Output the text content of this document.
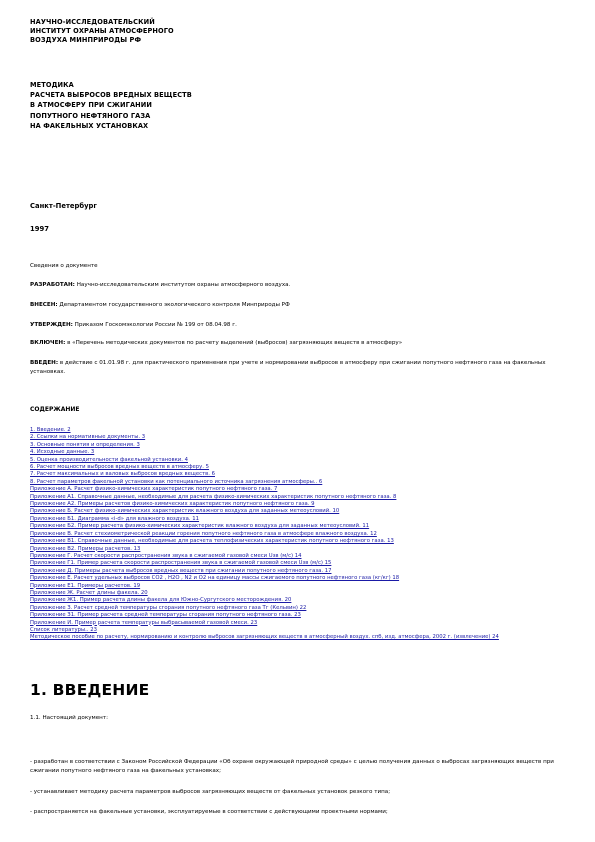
НАУЧНО-ИССЛЕДОВАТЕЛЬСКИЙ
ИНСТИТУТ ОХРАНЫ АТМОСФЕРНОГО
ВОЗДУХА МИНПРИРОДЫ РФ
МЕТОДИКА
РАСЧЕТА ВЫБРОСОВ ВРЕДНЫХ ВЕЩЕСТВ
В АТМОСФЕРУ ПРИ СЖИГАНИИ
ПОПУТНОГО НЕФТЯНОГО ГАЗА
НА ФАКЕЛЬНЫХ УСТАНОВКАХ
Санкт-Петербург
1997
Сведения о документе
РАЗРАБОТАН: Научно-исследовательским институтом охраны атмосферного воздуха.
ВНЕСЕН: Департаментом государственного экологического контроля Минприроды РФ
УТВЕРЖДЕН: Приказом Госкомэкологии России № 199 от 08.04.98 г.
ВКЛЮЧЕН: в «Перечень методических документов по расчету выделений (выбросов) загрязняющих веществ в атмосферу»
ВВЕДЕН: в действие с 01.01.98 г. для практического применения при учете и нормировании выбросов в атмосферу при сжигании попутного нефтяного газа на факельных установках.
СОДЕРЖАНИЕ
1. Введение. 2
2. Ссылки на нормативные документы. 3
3. Основные понятия и определения. 3
4. Исходные данные. 3
5. Оценка производительности факельной установки. 4
6. Расчет мощности выбросов вредных веществ в атмосферу. 5
7. Расчет максимальных и валовых выбросов вредных веществ. 6
8. Расчет параметров факельной установки как потенциального источника загрязнения атмосферы.. 6
Приложение А. Расчет физико-химических характеристик попутного нефтяного газа. 7
Приложение А1. Справочные данные, необходимые для расчета физико-химических характеристик попутного нефтяного газа. 8
Приложение А2. Примеры расчетов физико-химических характеристик попутного нефтяного газа. 9
Приложение Б. Расчет физико-химических характеристик влажного воздуха для заданных метеоусловий. 10
Приложение Б1. Диаграмма «i-d» для влажного воздуха. 11
Приложение Б2. Пример расчета физико-химических характеристик влажного воздуха для заданных метеоусловий. 11
Приложение В. Расчет стехиометрической реакции горения попутного нефтяного газа в атмосфере влажного воздуха. 12
Приложение В1. Справочные данные, необходимые для расчета теплофизических характеристик попутного нефтяного газа. 13
Приложение В2. Примеры расчетов. 13
Приложение Г. Расчет скорости распространения звука в сжигаемой газовой смеси Uзв (м/с) 14
Приложение Г1. Пример расчета скорости распространения звука в сжигаемой газовой смеси Uзв (м/с) 15
Приложение Д. Примеры расчета выбросов вредных веществ при сжигании попутного нефтяного газа. 17
Приложение Е. Расчет удельных выбросов СО2 , Н2О , N2 и О2 на единицу массы сжигаемого попутного нефтяного газа (кг/кг) 18
Приложение Е1. Примеры расчетов. 19
Приложение Ж. Расчет длины факела. 20
Приложение Ж1. Пример расчета длины факела для Южно-Сургутского месторождения. 20
Приложение З. Расчет средней температуры сгорания попутного нефтяного газа Тг (Кельвин) 22
Приложение З1. Пример расчета средней температуры сгорания попутного нефтяного газа. 23
Приложение И. Пример расчета температуры выбрасываемой газовой смеси. 23
Список литературы.. 23
Методическое пособие по расчету, нормированию и контролю выбросов загрязняющих веществ в атмосферный воздух. спб, изд. атмосфера, 2002 г. (извлечение) 24
1. ВВЕДЕНИЕ
1.1. Настоящий документ:
- разработан в соответствии с Законом Российской Федерации «Об охране окружающей природной среды» с целью получения данных о выбросах загрязняющих веществ при сжигании попутного нефтяного газа на факельных установках;
- устанавливает методику расчета параметров выбросов загрязняющих веществ от факельных установок резкого типа;
- распространяется на факельные установки, эксплуатируемые в соответствии с действующими проектными нормами;
